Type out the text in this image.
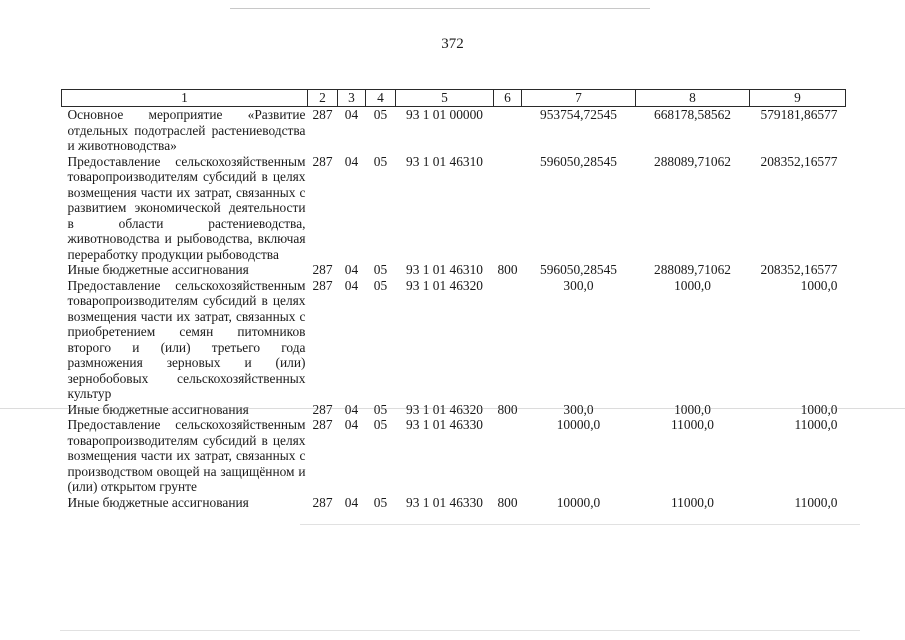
372
1	2	3	4	5	6	7	8	9
Основное мероприятие «Развитие отдельных подотраслей растениеводства и животноводства»	287	04	05	93 1 01 00000		953754,72545	668178,58562	579181,86577
Предоставление сельскохозяйственным товаропроизводителям субсидий в целях возмещения части их затрат, связанных с развитием экономической деятельности в области растениеводства, животноводства и рыбоводства, включая переработку продукции рыбоводства	287	04	05	93 1 01 46310		596050,28545	288089,71062	208352,16577
Иные бюджетные ассигнования	287	04	05	93 1 01 46310	800	596050,28545	288089,71062	208352,16577
Предоставление сельскохозяйственным товаропроизводителям субсидий в целях возмещения части их затрат, связанных с приобретением семян питомников второго и (или) третьего года размножения зерновых и (или) зернобобовых сельскохозяйственных культур	287	04	05	93 1 01 46320		300,0	1000,0	1000,0
Иные бюджетные ассигнования	287	04	05	93 1 01 46320	800	300,0	1000,0	1000,0
Предоставление сельскохозяйственным товаропроизводителям субсидий в целях возмещения части их затрат, связанных с производством овощей на защищённом и (или) открытом грунте	287	04	05	93 1 01 46330		10000,0	11000,0	11000,0
Иные бюджетные ассигнования	287	04	05	93 1 01 46330	800	10000,0	11000,0	11000,0
